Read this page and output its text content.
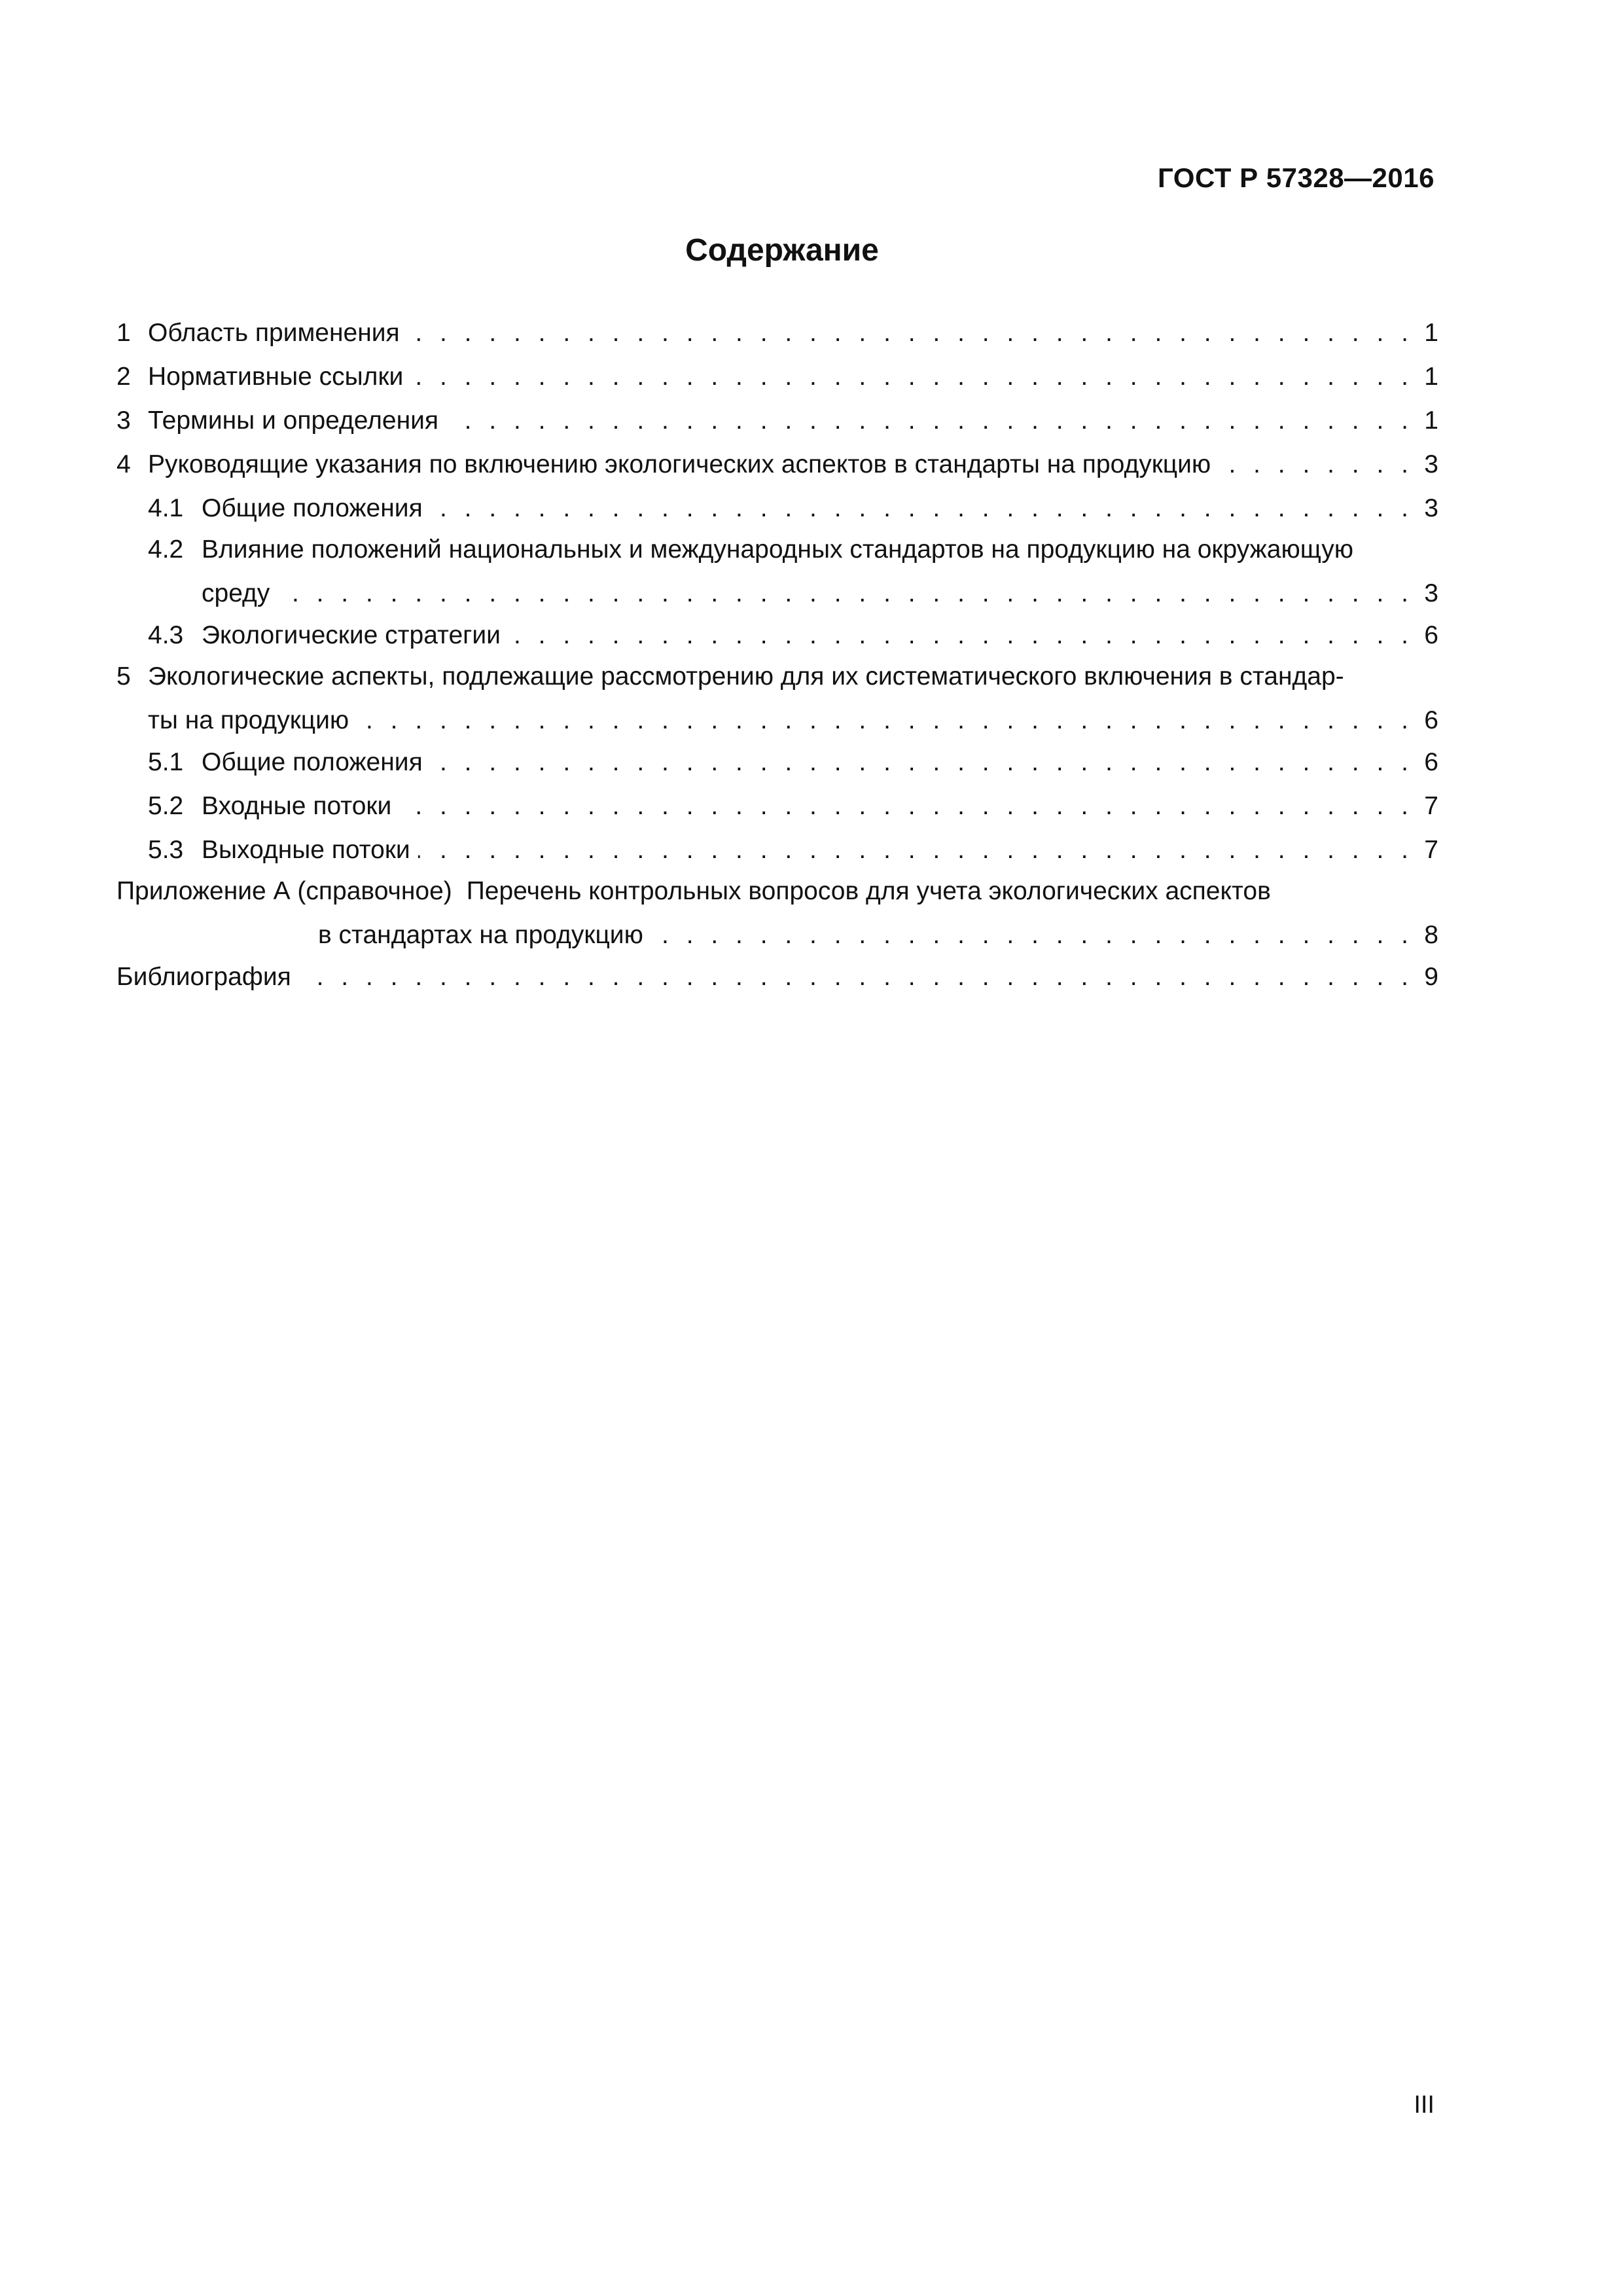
ГОСТ Р 57328—2016
Содержание
1 Область применения . . .	1
2 Нормативные ссылки . . .	1
3 Термины и определения . . .	1
4 Руководящие указания по включению экологических аспектов в стандарты на продукцию . . .	3
4.1 Общие положения . . .	3
4.2 Влияние положений национальных и международных стандартов на продукцию на окружающую
среду . . .	3
4.3 Экологические стратегии . . .	6
5 Экологические аспекты, подлежащие рассмотрению для их систематического включения в стандар-
ты на продукцию . . .	6
5.1 Общие положения . . .	6
5.2 Входные потоки . . .	7
5.3 Выходные потоки . . .	7
Приложение А (справочное) Перечень контрольных вопросов для учета экологических аспектов
в стандартах на продукцию . . .	8
Библиография . . .	9
III
